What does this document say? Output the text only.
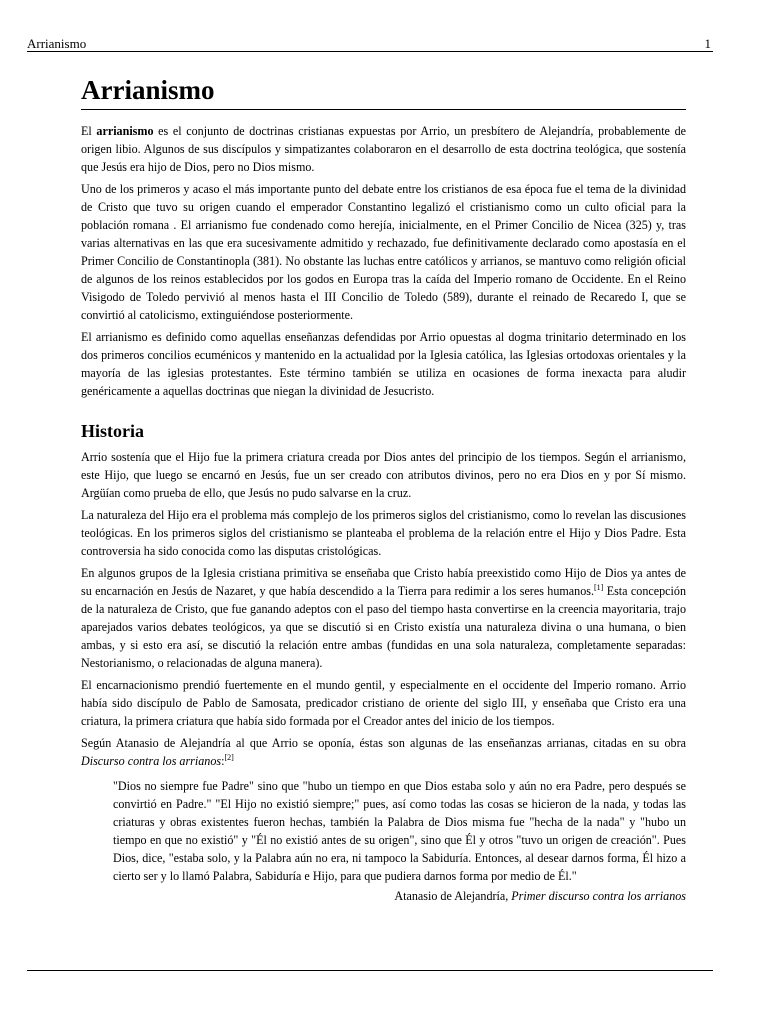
Arrianismo	1
Arrianismo

El arrianismo es el conjunto de doctrinas cristianas expuestas por Arrio, un presbítero de Alejandría, probablemente de origen libio. Algunos de sus discípulos y simpatizantes colaboraron en el desarrollo de esta doctrina teológica, que sostenía que Jesús era hijo de Dios, pero no Dios mismo.

Uno de los primeros y acaso el más importante punto del debate entre los cristianos de esa época fue el tema de la divinidad de Cristo que tuvo su origen cuando el emperador Constantino legalizó el cristianismo como un culto oficial para la población romana . El arrianismo fue condenado como herejía, inicialmente, en el Primer Concilio de Nicea (325) y, tras varias alternativas en las que era sucesivamente admitido y rechazado, fue definitivamente declarado como apostasía en el Primer Concilio de Constantinopla (381). No obstante las luchas entre católicos y arrianos, se mantuvo como religión oficial de algunos de los reinos establecidos por los godos en Europa tras la caída del Imperio romano de Occidente. En el Reino Visigodo de Toledo pervivió al menos hasta el III Concilio de Toledo (589), durante el reinado de Recaredo I, que se convirtió al catolicismo, extinguiéndose posteriormente.

El arrianismo es definido como aquellas enseñanzas defendidas por Arrio opuestas al dogma trinitario determinado en los dos primeros concilios ecuménicos y mantenido en la actualidad por la Iglesia católica, las Iglesias ortodoxas orientales y la mayoría de las iglesias protestantes. Este término también se utiliza en ocasiones de forma inexacta para aludir genéricamente a aquellas doctrinas que niegan la divinidad de Jesucristo.

Historia

Arrio sostenía que el Hijo fue la primera criatura creada por Dios antes del principio de los tiempos. Según el arrianismo, este Hijo, que luego se encarnó en Jesús, fue un ser creado con atributos divinos, pero no era Dios en y por Sí mismo. Argüían como prueba de ello, que Jesús no pudo salvarse en la cruz.

La naturaleza del Hijo era el problema más complejo de los primeros siglos del cristianismo, como lo revelan las discusiones teológicas. En los primeros siglos del cristianismo se planteaba el problema de la relación entre el Hijo y Dios Padre. Esta controversia ha sido conocida como las disputas cristológicas.

En algunos grupos de la Iglesia cristiana primitiva se enseñaba que Cristo había preexistido como Hijo de Dios ya antes de su encarnación en Jesús de Nazaret, y que había descendido a la Tierra para redimir a los seres humanos.[1] Esta concepción de la naturaleza de Cristo, que fue ganando adeptos con el paso del tiempo hasta convertirse en la creencia mayoritaria, trajo aparejados varios debates teológicos, ya que se discutió si en Cristo existía una naturaleza divina o una humana, o bien ambas, y si esto era así, se discutió la relación entre ambas (fundidas en una sola naturaleza, completamente separadas: Nestorianismo, o relacionadas de alguna manera).

El encarnacionismo prendió fuertemente en el mundo gentil, y especialmente en el occidente del Imperio romano. Arrio había sido discípulo de Pablo de Samosata, predicador cristiano de oriente del siglo III, y enseñaba que Cristo era una criatura, la primera criatura que había sido formada por el Creador antes del inicio de los tiempos.

Según Atanasio de Alejandría al que Arrio se oponía, éstas son algunas de las enseñanzas arrianas, citadas en su obra Discurso contra los arrianos:[2]

"Dios no siempre fue Padre" sino que "hubo un tiempo en que Dios estaba solo y aún no era Padre, pero después se convirtió en Padre." "El Hijo no existió siempre;" pues, así como todas las cosas se hicieron de la nada, y todas las criaturas y obras existentes fueron hechas, también la Palabra de Dios misma fue "hecha de la nada" y "hubo un tiempo en que no existió" y "Él no existió antes de su origen", sino que Él y otros "tuvo un origen de creación". Pues Dios, dice, "estaba solo, y la Palabra aún no era, ni tampoco la Sabiduría. Entonces, al desear darnos forma, Él hizo a cierto ser y lo llamó Palabra, Sabiduría e Hijo, para que pudiera darnos forma por medio de Él."
Atanasio de Alejandría, Primer discurso contra los arrianos
